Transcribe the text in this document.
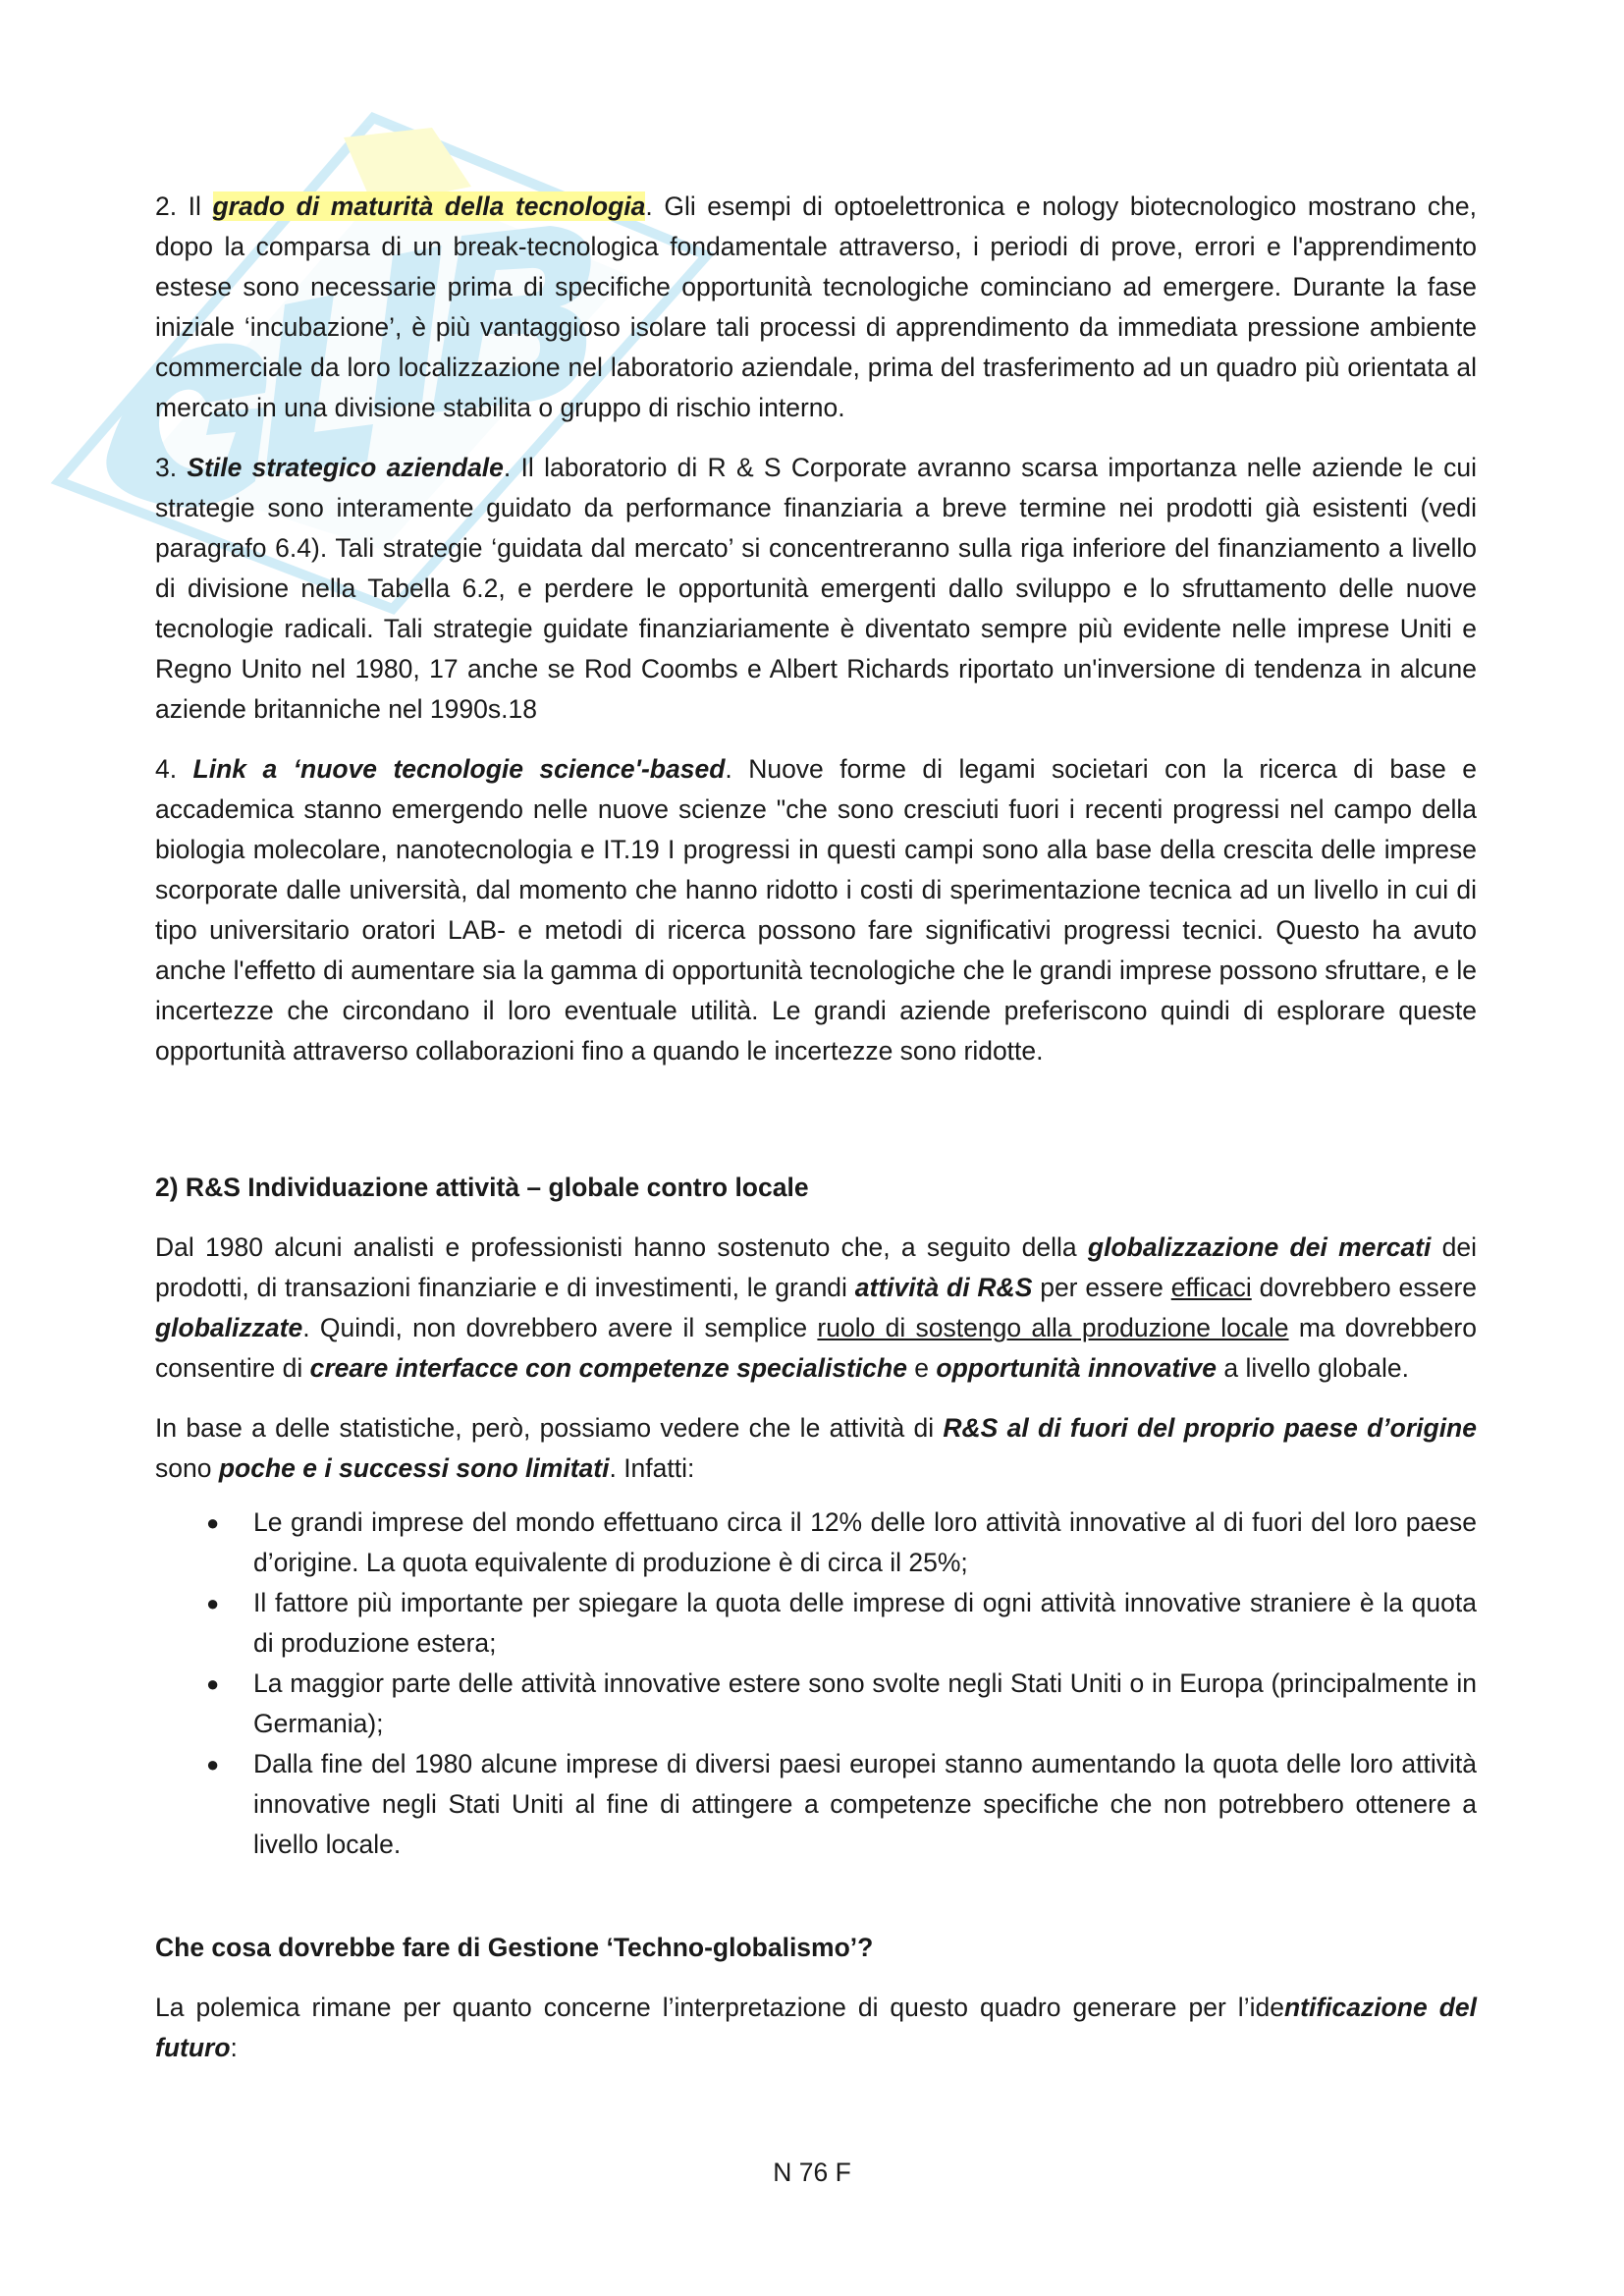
2. Il grado di maturità della tecnologia. Gli esempi di optoelettronica e nology biotecnologico mostrano che, dopo la comparsa di un break-tecnologica fondamentale attraverso, i periodi di prove, errori e l'apprendimento estese sono necessarie prima di specifiche opportunità tecnologiche cominciano ad emergere. Durante la fase iniziale ‘incubazione’, è più vantaggioso isolare tali processi di apprendimento da immediata pressione ambiente commerciale da loro localizzazione nel laboratorio aziendale, prima del trasferimento ad un quadro più orientata al mercato in una divisione stabilita o gruppo di rischio interno.

3. Stile strategico aziendale. Il laboratorio di R & S Corporate avranno scarsa importanza nelle aziende le cui strategie sono interamente guidato da performance finanziaria a breve termine nei prodotti già esistenti (vedi paragrafo 6.4). Tali strategie ‘guidata dal mercato’ si concentreranno sulla riga inferiore del finanziamento a livello di divisione nella Tabella 6.2, e perdere le opportunità emergenti dallo sviluppo e lo sfruttamento delle nuove tecnologie radicali. Tali strategie guidate finanziariamente è diventato sempre più evidente nelle imprese Uniti e Regno Unito nel 1980, 17 anche se Rod Coombs e Albert Richards riportato un'inversione di tendenza in alcune aziende britanniche nel 1990s.18

4. Link a ‘nuove tecnologie science'-based. Nuove forme di legami societari con la ricerca di base e accademica stanno emergendo nelle nuove scienze "che sono cresciuti fuori i recenti progressi nel campo della biologia molecolare, nanotecnologia e IT.19 I progressi in questi campi sono alla base della crescita delle imprese scorporate dalle università, dal momento che hanno ridotto i costi di sperimentazione tecnica ad un livello in cui di tipo universitario oratori LAB- e metodi di ricerca possono fare significativi progressi tecnici. Questo ha avuto anche l'effetto di aumentare sia la gamma di opportunità tecnologiche che le grandi imprese possono sfruttare, e le incertezze che circondano il loro eventuale utilità. Le grandi aziende preferiscono quindi di esplorare queste opportunità attraverso collaborazioni fino a quando le incertezze sono ridotte.

2) R&S Individuazione attività – globale contro locale

Dal 1980 alcuni analisti e professionisti hanno sostenuto che, a seguito della globalizzazione dei mercati dei prodotti, di transazioni finanziarie e di investimenti, le grandi attività di R&S per essere efficaci dovrebbero essere globalizzate. Quindi, non dovrebbero avere il semplice ruolo di sostengo alla produzione locale ma dovrebbero consentire di creare interfacce con competenze specialistiche e opportunità innovative a livello globale.

In base a delle statistiche, però, possiamo vedere che le attività di R&S al di fuori del proprio paese d’origine sono poche e i successi sono limitati. Infatti:

● Le grandi imprese del mondo effettuano circa il 12% delle loro attività innovative al di fuori del loro paese d’origine. La quota equivalente di produzione è di circa il 25%;
● Il fattore più importante per spiegare la quota delle imprese di ogni attività innovative straniere è la quota di produzione estera;
● La maggior parte delle attività innovative estere sono svolte negli Stati Uniti o in Europa (principalmente in Germania);
● Dalla fine del 1980 alcune imprese di diversi paesi europei stanno aumentando la quota delle loro attività innovative negli Stati Uniti al fine di attingere a competenze specifiche che non potrebbero ottenere a livello locale.

Che cosa dovrebbe fare di Gestione ‘Techno-globalismo’?

La polemica rimane per quanto concerne l’interpretazione di questo quadro generare per l’identificazione del futuro:

N 76 F
